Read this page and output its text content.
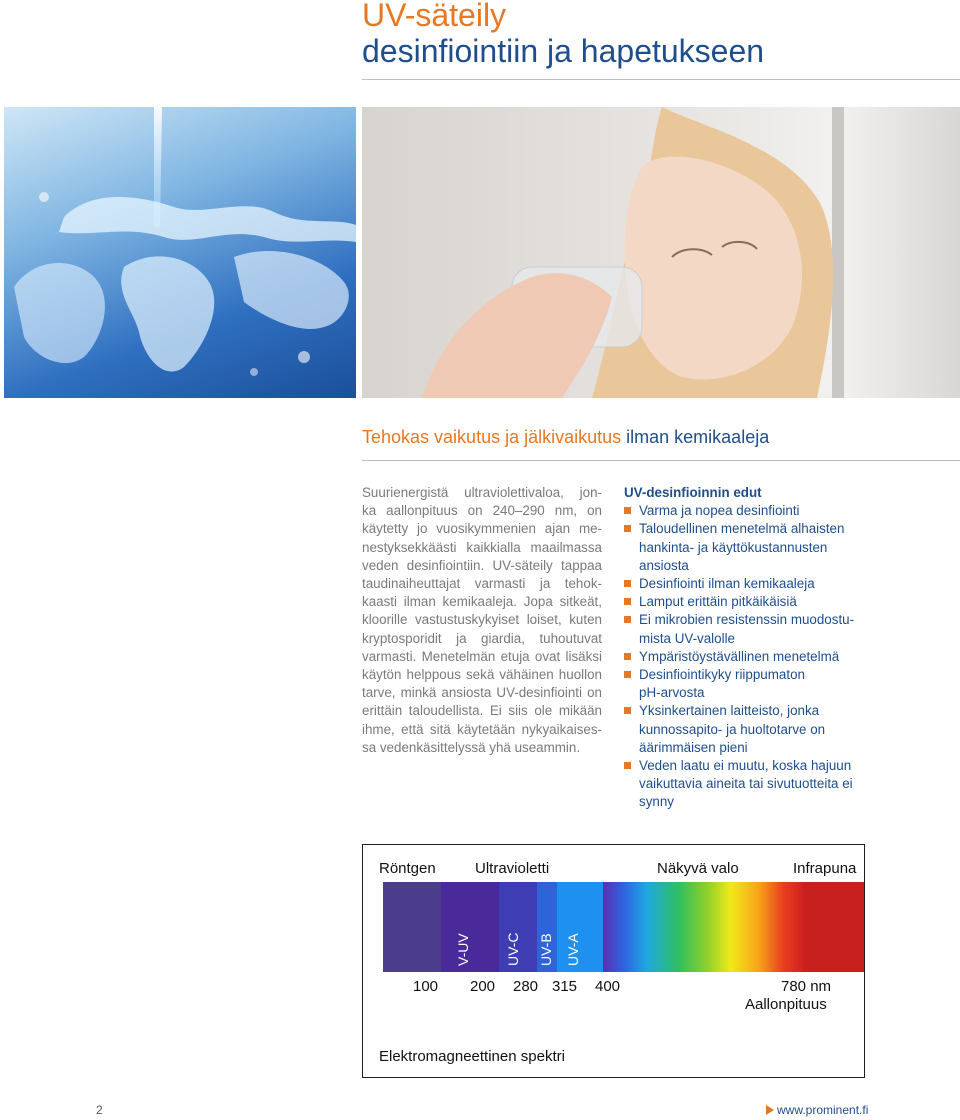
UV-säteily
desinfiointiin ja hapetukseen
Tehokas vaikutus ja jälkivaikutus ilman kemikaaleja
Suurienergistä ultraviolettivaloa, jon-
ka aallonpituus on 240–290 nm, on
käytetty jo vuosikymmenien ajan me-
nestyksekkäästi kaikkialla maailmassa
veden desinfiointiin. UV-säteily tappaa
taudinaiheuttajat varmasti ja tehok-
kaasti ilman kemikaaleja. Jopa sitkeät,
kloorille vastustuskykyiset loiset, kuten
kryptosporidit ja giardia, tuhoutuvat
varmasti. Menetelmän etuja ovat lisäksi
käytön helppous sekä vähäinen huollon
tarve, minkä ansiosta UV-desinfiointi on
erittäin taloudellista. Ei siis ole mikään
ihme, että sitä käytetään nykyaikaises-
sa vedenkäsittelyssä yhä useammin.
UV-desinfioinnin edut
Varma ja nopea desinfiointi
Taloudellinen menetelmä alhaisten
hankinta- ja käyttökustannusten
ansiosta
Desinfiointi ilman kemikaaleja
Lamput erittäin pitkäikäisiä
Ei mikrobien resistenssin muodostu-
mista UV-valolle
Ympäristöystävällinen menetelmä
Desinfiointikyky riippumaton
pH-arvosta
Yksinkertainen laitteisto, jonka
kunnossapito- ja huoltotarve on
äärimmäisen pieni
Veden laatu ei muutu, koska hajuun
vaikuttavia aineita tai sivutuotteita ei
synny
Röntgen	Ultravioletti	Näkyvä valo	Infrapuna
V-UV UV-C UV-B UV-A
100 200 280 315 400	780 nm
Aallonpituus
Elektromagneettinen spektri
2	www.prominent.fi
